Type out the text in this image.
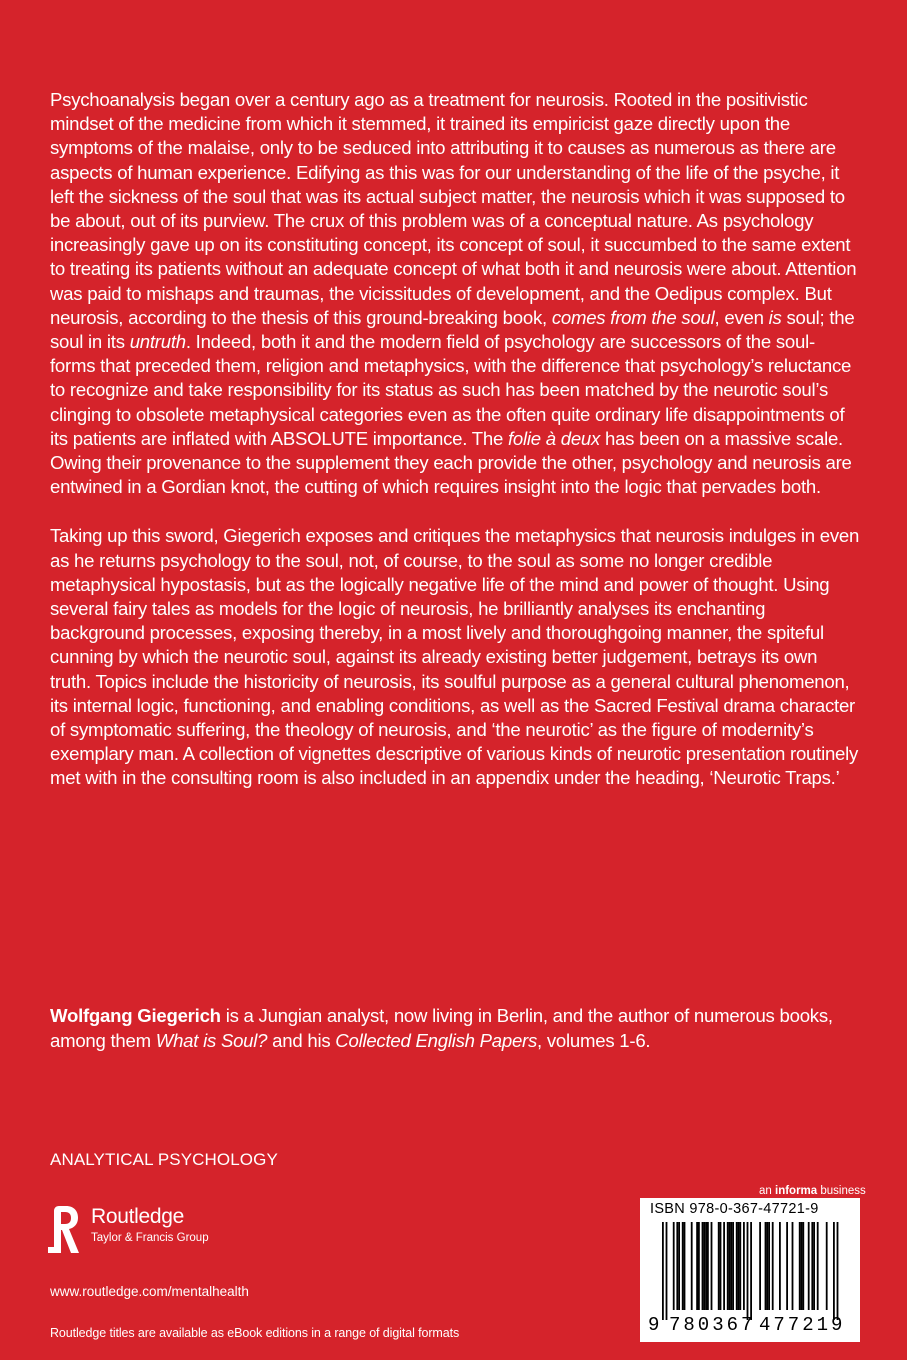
Psychoanalysis began over a century ago as a treatment for neurosis. Rooted in the positivistic mindset of the medicine from which it stemmed, it trained its empiricist gaze directly upon the symptoms of the malaise, only to be seduced into attributing it to causes as numerous as there are aspects of human experience. Edifying as this was for our understanding of the life of the psyche, it left the sickness of the soul that was its actual subject matter, the neurosis which it was supposed to be about, out of its purview. The crux of this problem was of a conceptual nature. As psychology increasingly gave up on its constituting concept, its concept of soul, it succumbed to the same extent to treating its patients without an adequate concept of what both it and neurosis were about. Attention was paid to mishaps and traumas, the vicissitudes of development, and the Oedipus complex. But neurosis, according to the thesis of this ground-breaking book, comes from the soul, even is soul; the soul in its untruth. Indeed, both it and the modern field of psychology are successors of the soul-forms that preceded them, religion and metaphysics, with the difference that psychology’s reluctance to recognize and take responsibility for its status as such has been matched by the neurotic soul’s clinging to obsolete metaphysical categories even as the often quite ordinary life disappointments of its patients are inflated with ABSOLUTE importance. The folie à deux has been on a massive scale. Owing their provenance to the supplement they each provide the other, psychology and neurosis are entwined in a Gordian knot, the cutting of which requires insight into the logic that pervades both.

Taking up this sword, Giegerich exposes and critiques the metaphysics that neurosis indulges in even as he returns psychology to the soul, not, of course, to the soul as some no longer credible metaphysical hypostasis, but as the logically negative life of the mind and power of thought. Using several fairy tales as models for the logic of neurosis, he brilliantly analyses its enchanting background processes, exposing thereby, in a most lively and thoroughgoing manner, the spiteful cunning by which the neurotic soul, against its already existing better judgement, betrays its own truth. Topics include the historicity of neurosis, its soulful purpose as a general cultural phenomenon, its internal logic, functioning, and enabling conditions, as well as the Sacred Festival drama character of symptomatic suffering, the theology of neurosis, and ‘the neurotic’ as the figure of modernity’s exemplary man. A collection of vignettes descriptive of various kinds of neurotic presentation routinely met with in the consulting room is also included in an appendix under the heading, ‘Neurotic Traps.’

Wolfgang Giegerich is a Jungian analyst, now living in Berlin, and the author of numerous books, among them What is Soul? and his Collected English Papers, volumes 1-6.
ANALYTICAL PSYCHOLOGY
Routledge
Taylor & Francis Group
www.routledge.com/mentalhealth
Routledge titles are available as eBook editions in a range of digital formats
an informa business
ISBN 978-0-367-47721-9
9 780367 477219
